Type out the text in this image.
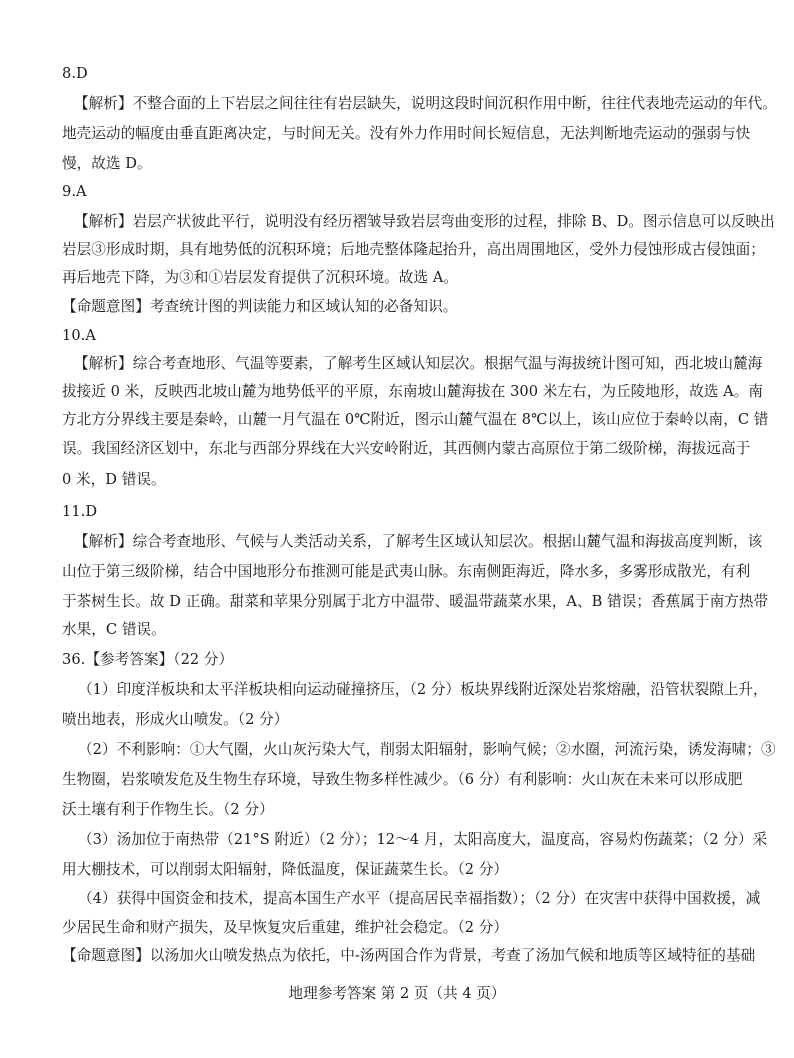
8.D
【解析】不整合面的上下岩层之间往往有岩层缺失，说明这段时间沉积作用中断，往往代表地壳运动的年代。
地壳运动的幅度由垂直距离决定，与时间无关。没有外力作用时间长短信息，无法判断地壳运动的强弱与快
慢，故选 D。
9.A
【解析】岩层产状彼此平行，说明没有经历褶皱导致岩层弯曲变形的过程，排除 B、D。图示信息可以反映出
岩层③形成时期，具有地势低的沉积环境；后地壳整体隆起抬升，高出周围地区，受外力侵蚀形成古侵蚀面；
再后地壳下降，为③和①岩层发育提供了沉积环境。故选 A。
【命题意图】考查统计图的判读能力和区域认知的必备知识。
10.A
【解析】综合考查地形、气温等要素，了解考生区域认知层次。根据气温与海拔统计图可知，西北坡山麓海
拔接近 0 米，反映西北坡山麓为地势低平的平原，东南坡山麓海拔在 300 米左右，为丘陵地形，故选 A。南
方北方分界线主要是秦岭，山麓一月气温在 0℃附近，图示山麓气温在 8℃以上，该山应位于秦岭以南，C 错
误。我国经济区划中，东北与西部分界线在大兴安岭附近，其西侧内蒙古高原位于第二级阶梯，海拔远高于
0 米，D 错误。
11.D
【解析】综合考查地形、气候与人类活动关系，了解考生区域认知层次。根据山麓气温和海拔高度判断，该
山位于第三级阶梯，结合中国地形分布推测可能是武夷山脉。东南侧距海近，降水多，多雾形成散光，有利
于茶树生长。故 D 正确。甜菜和苹果分别属于北方中温带、暖温带蔬菜水果，A、B 错误；香蕉属于南方热带
水果，C 错误。
36.【参考答案】（22 分）
（1）印度洋板块和太平洋板块相向运动碰撞挤压，（2 分）板块界线附近深处岩浆熔融，沿管状裂隙上升，
喷出地表，形成火山喷发。（2 分）
（2）不利影响：①大气圈，火山灰污染大气，削弱太阳辐射，影响气候；②水圈，河流污染，诱发海啸；③
生物圈，岩浆喷发危及生物生存环境，导致生物多样性减少。（6 分）有利影响：火山灰在未来可以形成肥
沃土壤有利于作物生长。（2 分）
（3）汤加位于南热带（21°S 附近）（2 分）；12～4 月，太阳高度大，温度高，容易灼伤蔬菜；（2 分）采
用大棚技术，可以削弱太阳辐射，降低温度，保证蔬菜生长。（2 分）
（4）获得中国资金和技术，提高本国生产水平（提高居民幸福指数）；（2 分）在灾害中获得中国救援，减
少居民生命和财产损失，及早恢复灾后重建，维护社会稳定。（2 分）
【命题意图】以汤加火山喷发热点为依托，中-汤两国合作为背景，考查了汤加气候和地质等区域特征的基础
地理参考答案 第 2 页（共 4 页）
